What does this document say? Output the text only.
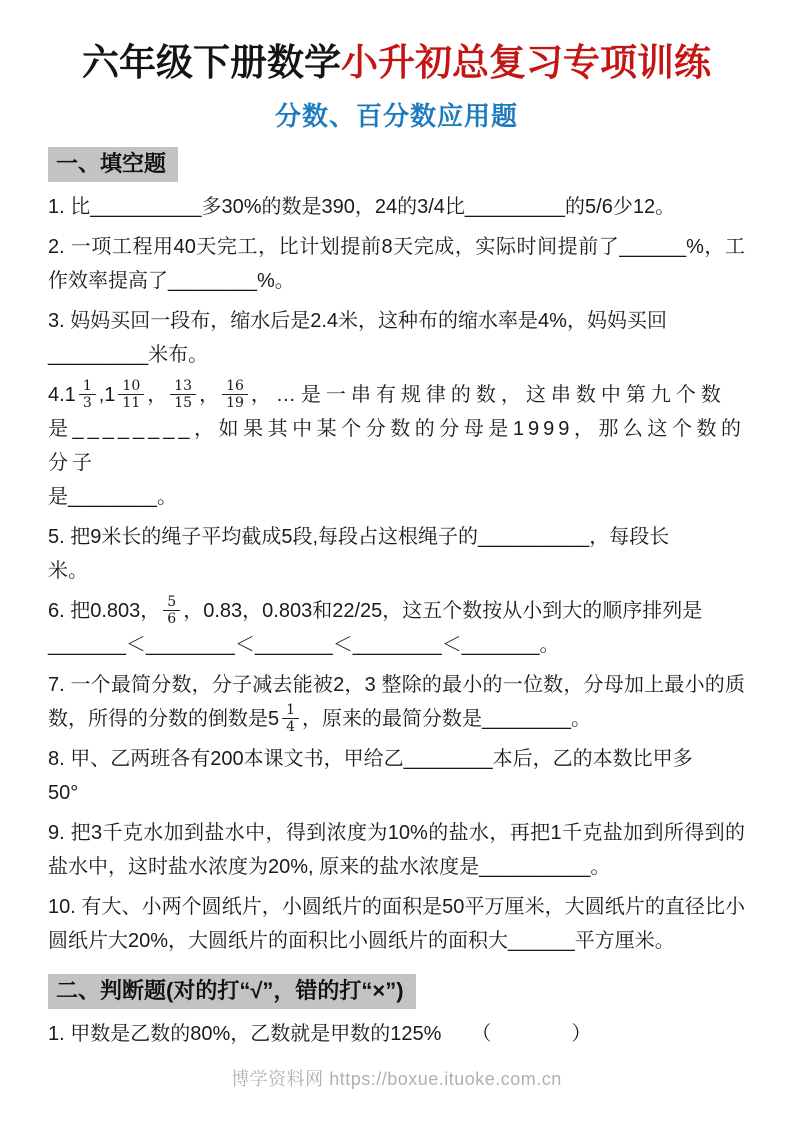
六年级下册数学小升初总复习专项训练
分数、百分数应用题
一、填空题

1. 比__________多30%的数是390，24的3/4比_________的5/6少12。

2. 一项工程用40天完工，比计划提前8天完成，实际时间提前了______%，工作效率提高了________%。

3. 妈妈买回一段布，缩水后是2.4米，这种布的缩水率是4%，妈妈买回
_________米布。

$4.1 \frac{1}{3} ,1 \frac{10}{11}$ ， $\frac{13}{15}$ ， $\frac{16}{19}$ ，…是一串有规律的数，这串数中第九个数
是________，如果其中某个分数的分母是1999，那么这个数的分子
是________。

5. 把9米长的绳子平均截成5段,每段占这根绳子的__________，每段长
米。

6. 把0.803， $\frac{5}{6}$ ，0.83，0.803和22/25，这五个数按从小到大的顺序排列是
_______＜________＜_______＜________＜_______。

7. 一个最简分数，分子减去能被2，3 整除的最小的一位数，分母加上最小的质数，所得的分数的倒数是$5 \frac{1}{4}$ ，原来的最简分数是________。

8. 甲、乙两班各有200本课文书，甲给乙________本后，乙的本数比甲多
50°

9. 把3千克水加到盐水中，得到浓度为10%的盐水，再把1千克盐加到所得到的盐水中，这时盐水浓度为20%, 原来的盐水浓度是__________。

10. 有大、小两个圆纸片，小圆纸片的面积是50平万厘米，大圆纸片的直径比小圆纸片大20%，大圆纸片的面积比小圆纸片的面积大______平方厘米。

二、判断题(对的打“√”，错的打“×”)

1. 甲数是乙数的80%，乙数就是甲数的125%　　（　　　　）

博学资料网 https://boxue.ituoke.com.cn
